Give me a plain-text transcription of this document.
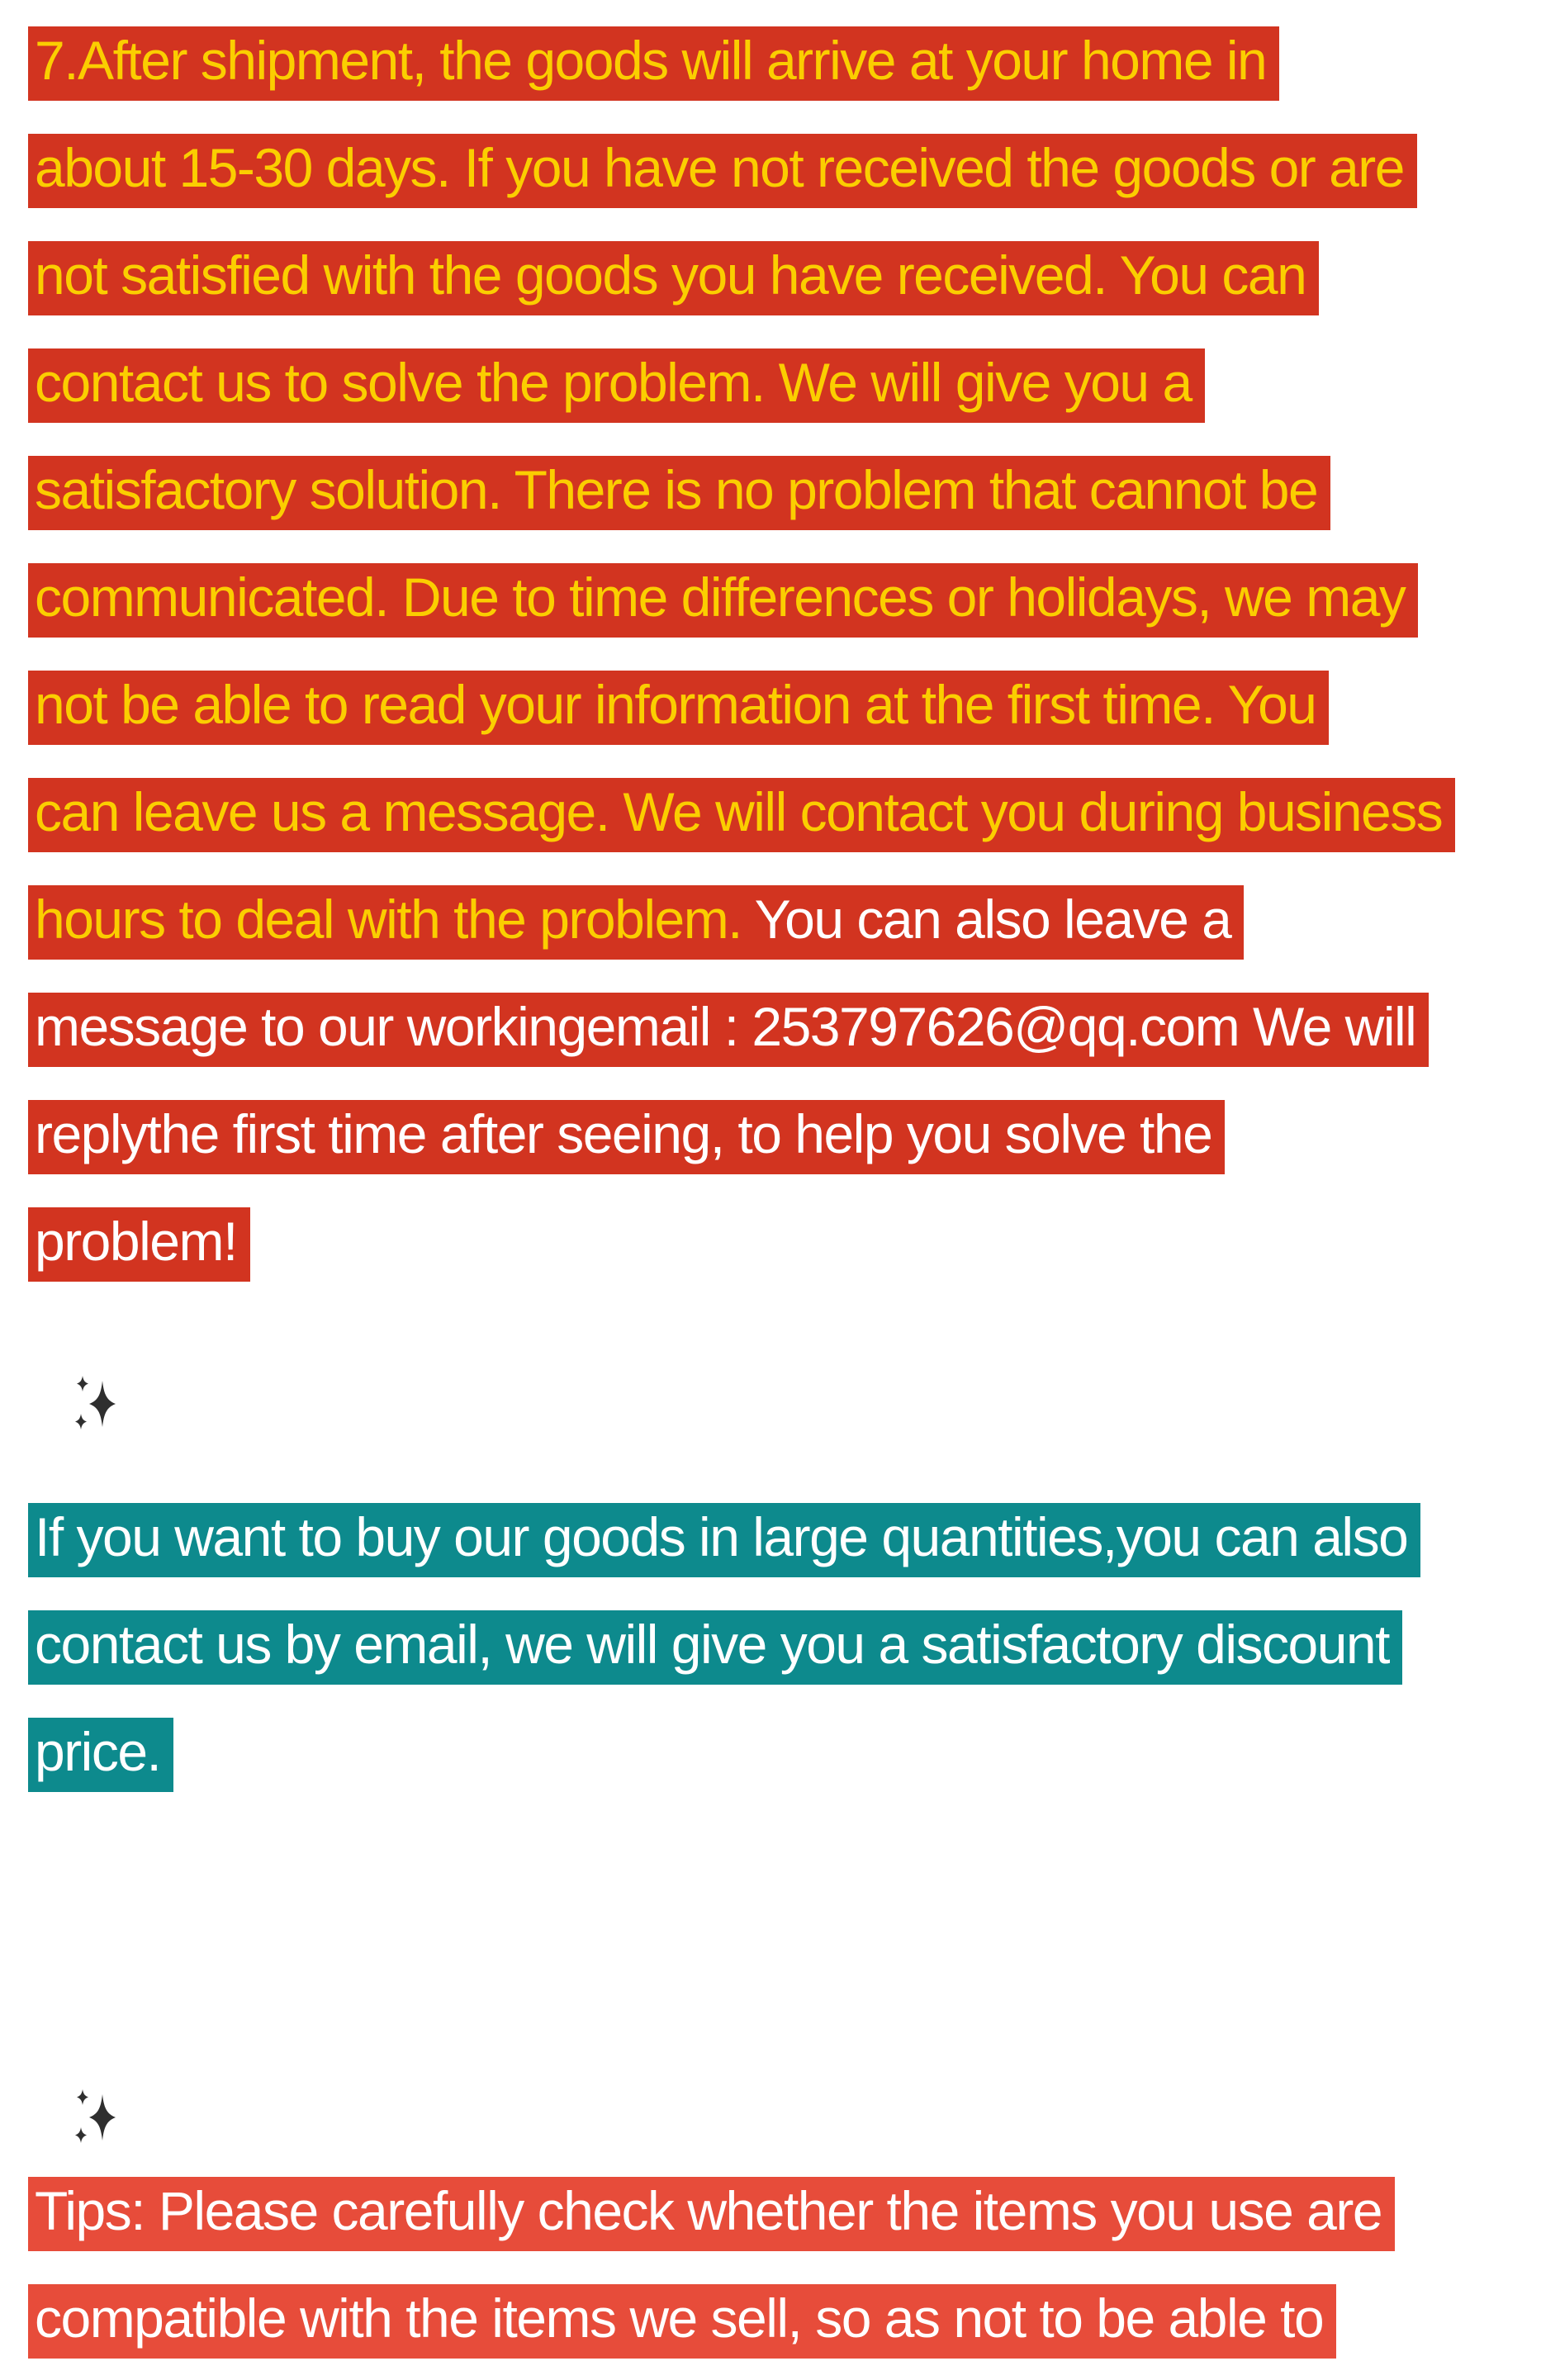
7.After shipment, the goods will arrive at your home in
about 15-30 days. If you have not received the goods or are
not satisfied with the goods you have received. You can
contact us to solve the problem. We will give you a
satisfactory solution. There is no problem that cannot be
communicated. Due to time differences or holidays, we may
not be able to read your information at the first time. You
can leave us a message. We will contact you during business
hours to deal with the problem. You can also leave a
message to our workingemail : 253797626@qq.com We will
replythe first time after seeing, to help you solve the
problem!
If you want to buy our goods in large quantities,you can also
contact us by email, we will give you a satisfactory discount
price.
Tips: Please carefully check whether the items you use are
compatible with the items we sell, so as not to be able to
